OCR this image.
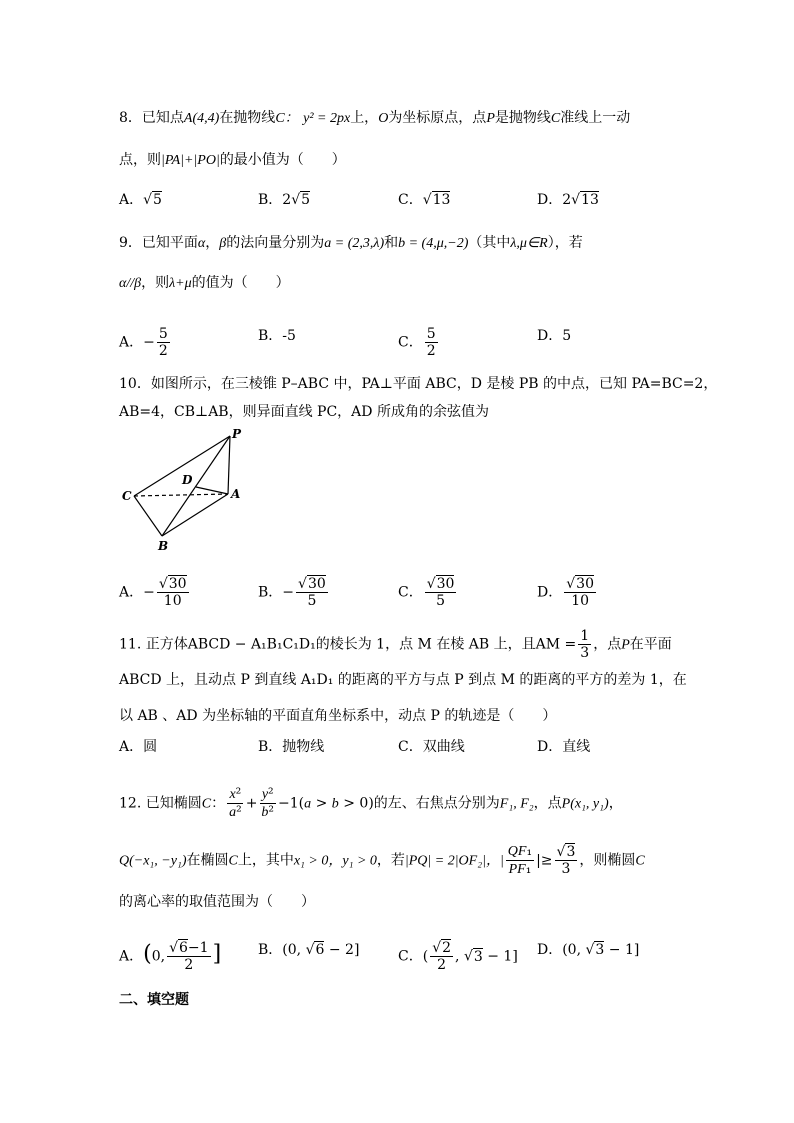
8．已知点A(4,4)在抛物线C： y² = 2px上，O为坐标原点，点P是抛物线C准线上一动
点，则|PA|+|PO|的最小值为（　　）
A．√5	B．2√5	C．√13	D．2√13
9．已知平面α，β的法向量分别为a = (2,3,λ)和b = (4,μ,−2)（其中λ,μ∈R），若
α//β，则λ+μ的值为（　　）
A．− $\frac{5}{2}$	B．-5	C． $\frac{5}{2}$	D．5
10．如图所示，在三棱锥 P–ABC 中，PA⊥平面 ABC，D 是棱 PB 的中点，已知 PA=BC=2，
AB=4，CB⊥AB，则异面直线 PC，AD 所成角的余弦值为
P
C
D
A
B
A．− $\frac{√30}{10}$	B．− $\frac{√30}{5}$	C． $\frac{√30}{5}$	D． $\frac{√30}{10}$
11. 正方体ABCD − A₁B₁C₁D₁的棱长为 1，点 M 在棱 AB 上，且AM = $\frac{1}{3}$ ，点P在平面
ABCD 上，且动点 P 到直线 A₁D₁ 的距离的平方与点 P 到点 M 的距离的平方的差为 1，在
以 AB 、AD 为坐标轴的平面直角坐标系中，动点 P 的轨迹是（　　）
A．圆	B．抛物线	C．双曲线	D．直线
12. 已知椭圆C： $\frac{\text{x²}}{\text{a²}} + \frac{\text{y²}}{\text{b²}} -1(a > b > 0)$的左、右焦点分别为F₁, F₂，点P(x₁, y₁)，
Q(−x₁, −y₁)在椭圆C上，其中x₁ > 0，y₁ > 0，若|PQ| = 2|OF₂|，| $\frac{\text{QF₁}}{\text{PF₁}}$ |≥ $\frac{√3}{3}$ ，则椭圆C
的离心率的取值范围为（　　）
A．(0, $\frac{√6-1}{2}$ ]	B．(0, √6 − 2]	C．( $\frac{√2}{2}$ , √3 − 1] D．(0, √3 − 1]
二、填空题
